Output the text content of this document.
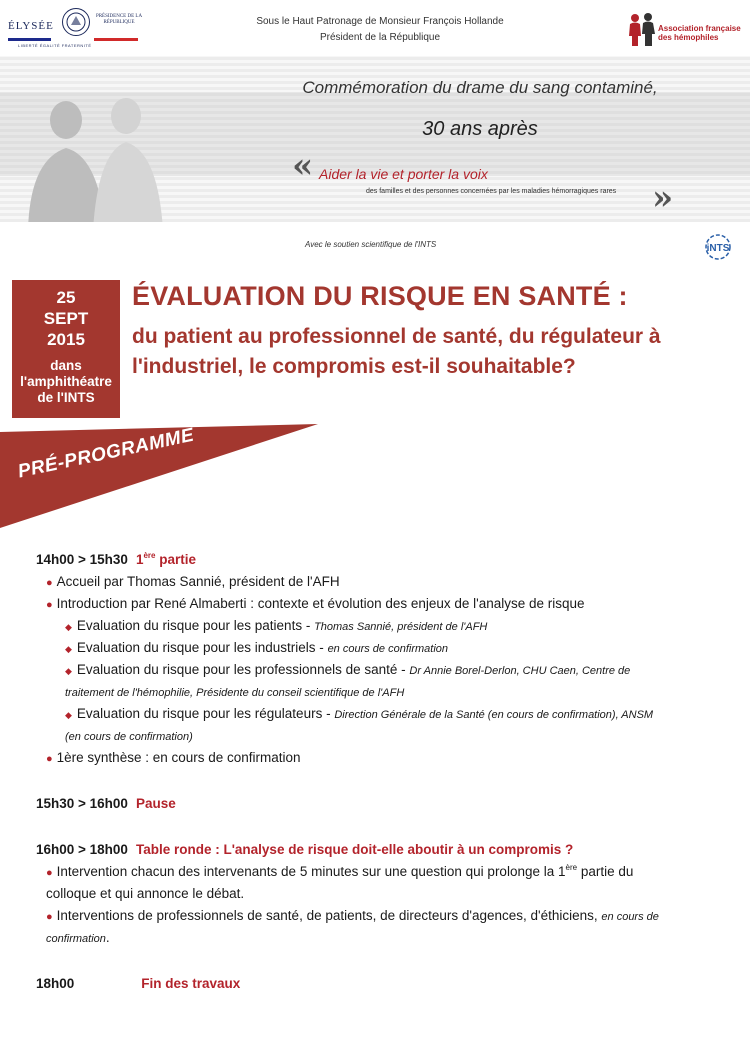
ÉLYSÉE
PRÉSIDENCE DE LA RÉPUBLIQUE
LIBERTÉ ÉGALITÉ FRATERNITÉ
Sous le Haut Patronage de Monsieur François Hollande
Président de la République
Association française
des hémophiles
Commémoration du drame du sang contaminé,
30 ans après
« Aider la vie et porter la voix
des familles et des personnes concernées par les maladies hémorragiques rares »
Avec le soutien scientifique de l'INTS	iNTS
25
SEPT
2015
dans
l'amphithéatre
de l'INTS
ÉVALUATION DU RISQUE EN SANTÉ :
du patient au professionnel de santé, du régulateur à
l'industriel, le compromis est-il souhaitable?
PRÉ-PROGRAMME
14h00 > 15h30 1ère partie
● Accueil par Thomas Sannié, président de l'AFH
● Introduction par René Almaberti : contexte et évolution des enjeux de l'analyse de risque
◆ Evaluation du risque pour les patients - Thomas Sannié, président de l'AFH
◆ Evaluation du risque pour les industriels - en cours de confirmation
◆ Evaluation du risque pour les professionnels de santé - Dr Annie Borel-Derlon, CHU Caen, Centre de
traitement de l'hémophilie, Présidente du conseil scientifique de l'AFH
◆ Evaluation du risque pour les régulateurs - Direction Générale de la Santé (en cours de confirmation), ANSM
(en cours de confirmation)
● 1ère synthèse : en cours de confirmation
15h30 > 16h00 Pause
16h00 > 18h00 Table ronde : L'analyse de risque doit-elle aboutir à un compromis ?
● Intervention chacun des intervenants de 5 minutes sur une question qui prolonge la 1ère partie du
colloque et qui annonce le débat.
● Interventions de professionnels de santé, de patients, de directeurs d'agences, d'éthiciens, en cours de
confirmation.
18h00	Fin des travaux
